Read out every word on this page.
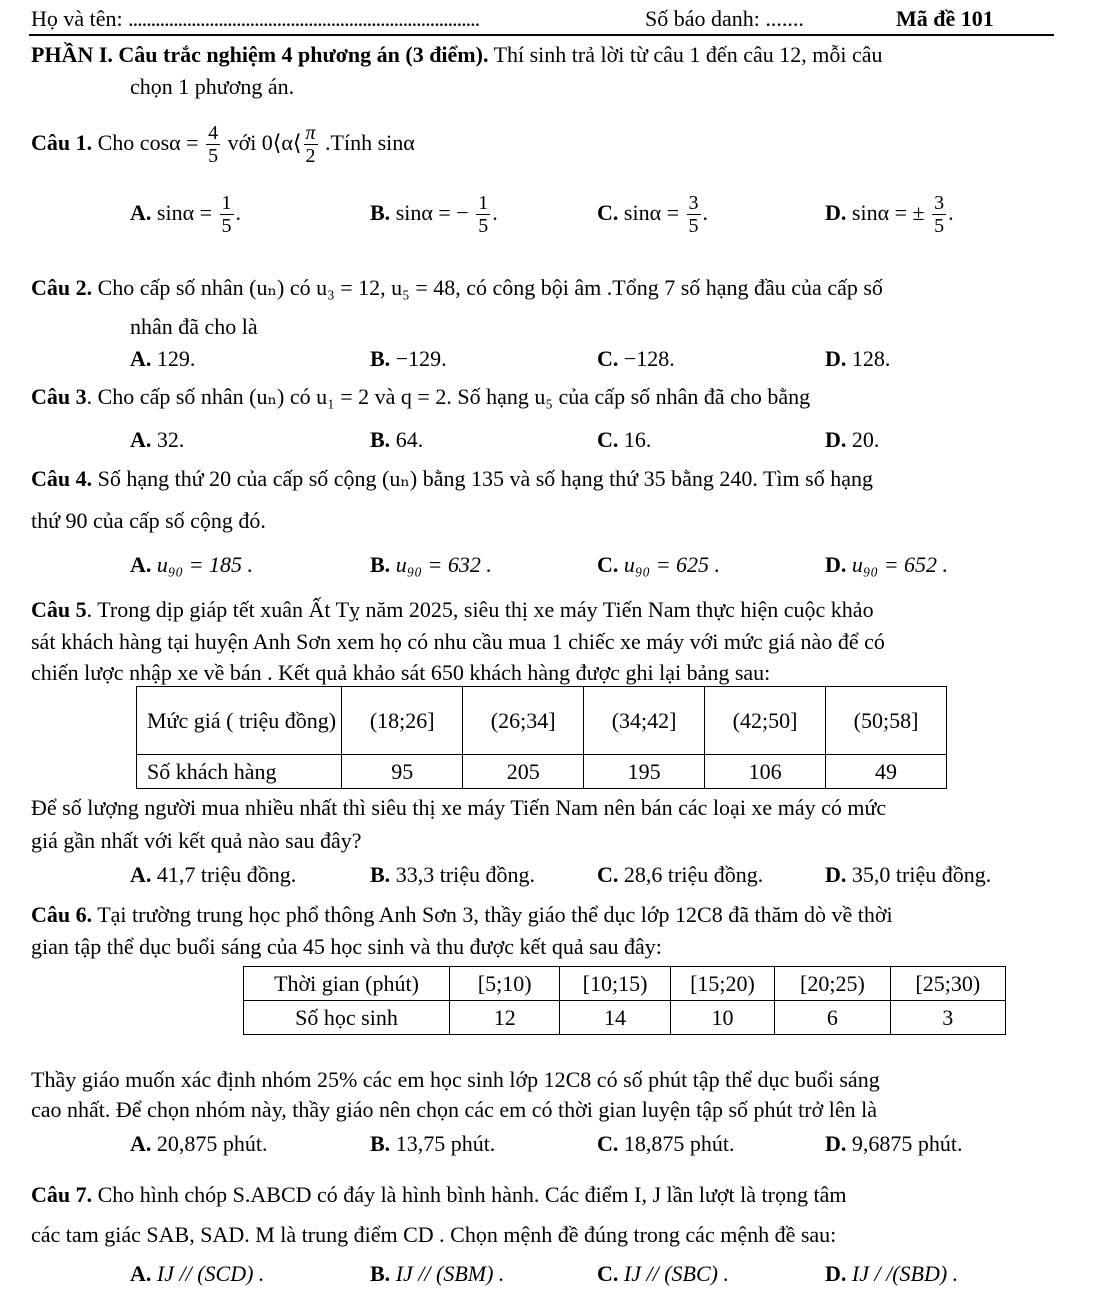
Họ và tên: ..............................................................................	Số báo danh: .......	Mã đề 101
PHẦN I. Câu trắc nghiệm 4 phương án (3 điểm). Thí sinh trả lời từ câu 1 đến câu 12, mỗi câu
chọn 1 phương án.
Câu 1. Cho $\cos\alpha = \frac{4}{5}$ với 0⟨α⟨ $\frac{\pi}{2}$ .Tính sinα
A. $\sin\alpha = \frac{1}{5}$ .	B. sinα = − $\frac{1}{5}$ .	C. $\sin\alpha = \frac{3}{5}$ .	D. sinα = ± $\frac{3}{5}$ .
Câu 2. Cho cấp số nhân (uₙ) có u₃ = 12, u₅ = 48, có công bội âm .Tổng 7 số hạng đầu của cấp số
nhân đã cho là
A. 129.	B. −129.	C. −128.	D. 128.
Câu 3. Cho cấp số nhân (uₙ) có u₁ = 2 và q = 2. Số hạng u₅ của cấp số nhân đã cho bằng
A. 32.	B. 64.	C. 16.	D. 20.
Câu 4. Số hạng thứ 20 của cấp số cộng (uₙ) bằng 135 và số hạng thứ 35 bằng 240. Tìm số hạng
thứ 90 của cấp số cộng đó.
A. u₉₀ = 185 .	B. u₉₀ = 632 .	C. u₉₀ = 625 .	D. u₉₀ = 652 .
Câu 5. Trong dịp giáp tết xuân Ất Tỵ năm 2025, siêu thị xe máy Tiến Nam thực hiện cuộc khảo
sát khách hàng tại huyện Anh Sơn xem họ có nhu cầu mua 1 chiếc xe máy với mức giá nào để có
chiến lược nhập xe về bán . Kết quả khảo sát 650 khách hàng được ghi lại bảng sau:
Mức giá ( triệu đồng)	(18;26]	(26;34]	(34;42]	(42;50]	(50;58]
Số khách hàng	95	205	195	106	49
Để số lượng người mua nhiều nhất thì siêu thị xe máy Tiến Nam nên bán các loại xe máy có mức
giá gần nhất với kết quả nào sau đây?
A. 41,7 triệu đồng.	B. 33,3 triệu đồng.	C. 28,6 triệu đồng.	D. 35,0 triệu đồng.
Câu 6. Tại trường trung học phổ thông Anh Sơn 3, thầy giáo thể dục lớp 12C8 đã thăm dò về thời
gian tập thể dục buổi sáng của 45 học sinh và thu được kết quả sau đây:
Thời gian (phút)	[5;10)	[10;15)	[15;20)	[20;25)	[25;30)
Số học sinh	12	14	10	6	3
Thầy giáo muốn xác định nhóm 25% các em học sinh lớp 12C8 có số phút tập thể dục buổi sáng
cao nhất. Để chọn nhóm này, thầy giáo nên chọn các em có thời gian luyện tập số phút trở lên là
A. 20,875 phút.	B. 13,75 phút.	C. 18,875 phút.	D. 9,6875 phút.
Câu 7. Cho hình chóp S.ABCD có đáy là hình bình hành. Các điểm I, J lần lượt là trọng tâm
các tam giác SAB, SAD. M là trung điểm CD . Chọn mệnh đề đúng trong các mệnh đề sau:
A. IJ // (SCD) .	B. IJ // (SBM) .	C. IJ // (SBC) .	D. IJ / /(SBD) .
